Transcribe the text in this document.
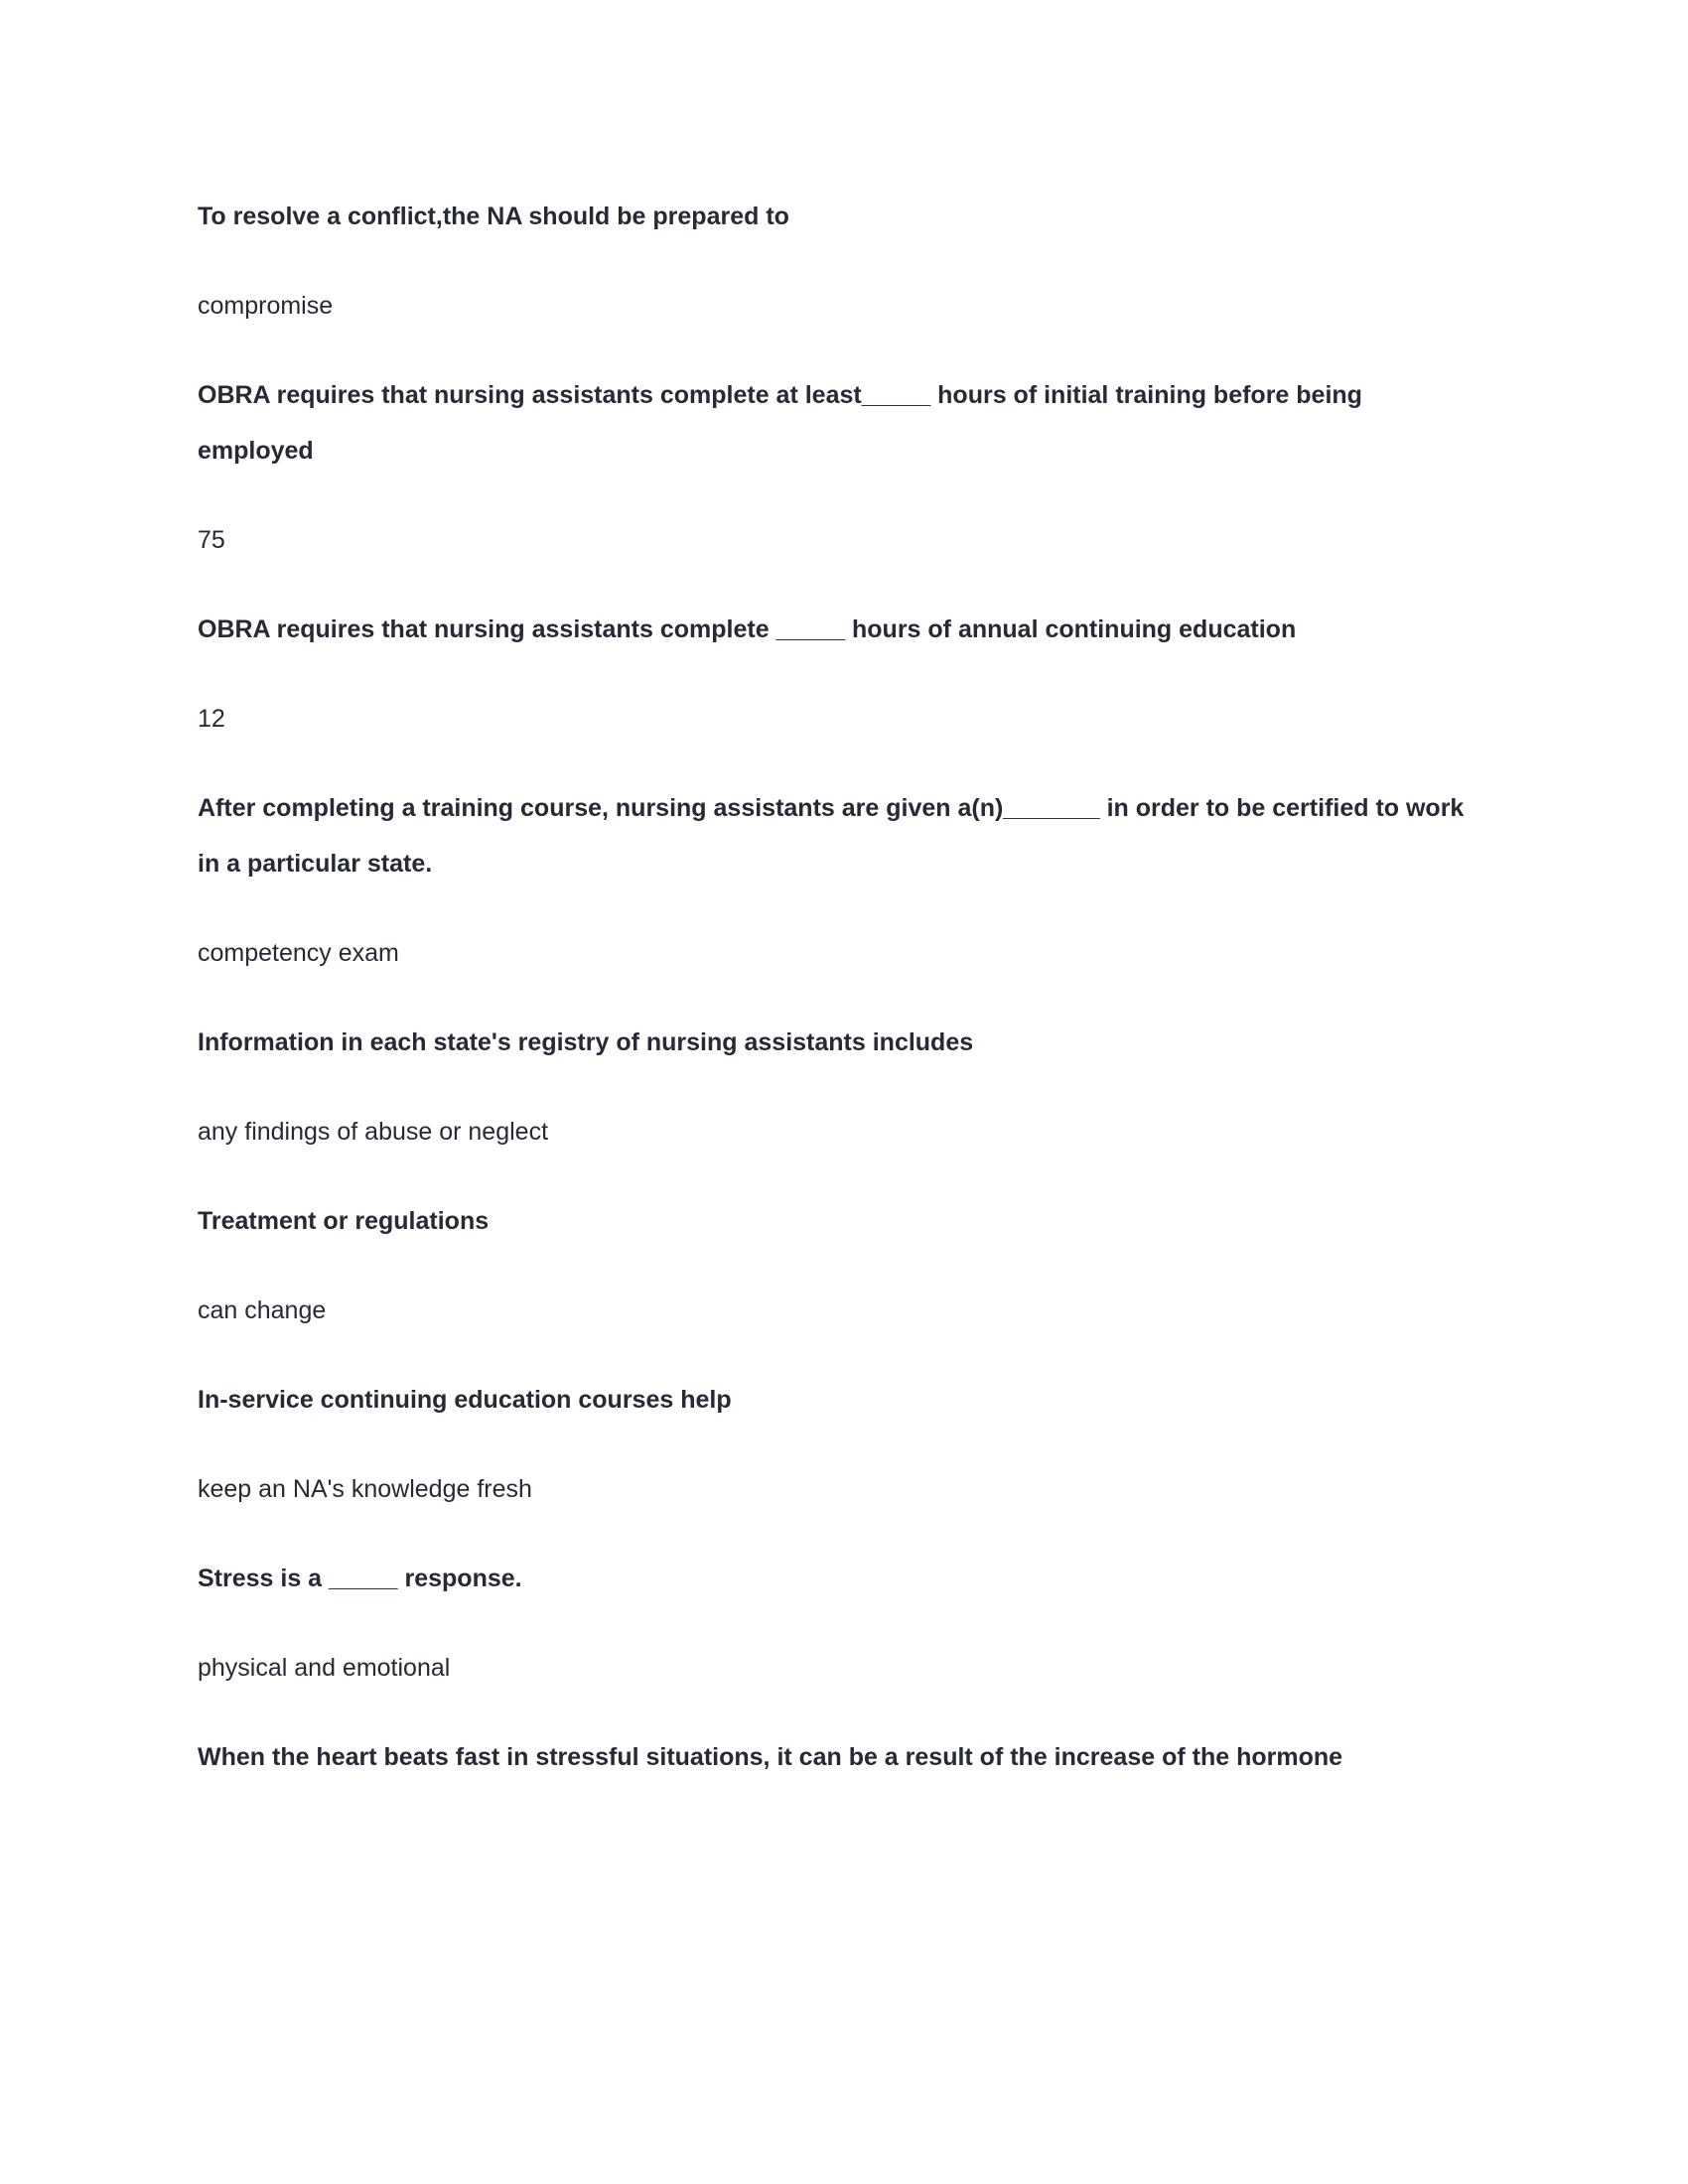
To resolve a conflict,the NA should be prepared to

compromise

OBRA requires that nursing assistants complete at least_____ hours of initial training before being employed

75

OBRA requires that nursing assistants complete _____ hours of annual continuing education

12

After completing a training course, nursing assistants are given a(n)_______ in order to be certified to work in a particular state.

competency exam

Information in each state's registry of nursing assistants includes

any findings of abuse or neglect

Treatment or regulations

can change

In-service continuing education courses help

keep an NA's knowledge fresh

Stress is a _____ response.

physical and emotional

When the heart beats fast in stressful situations, it can be a result of the increase of the hormone
